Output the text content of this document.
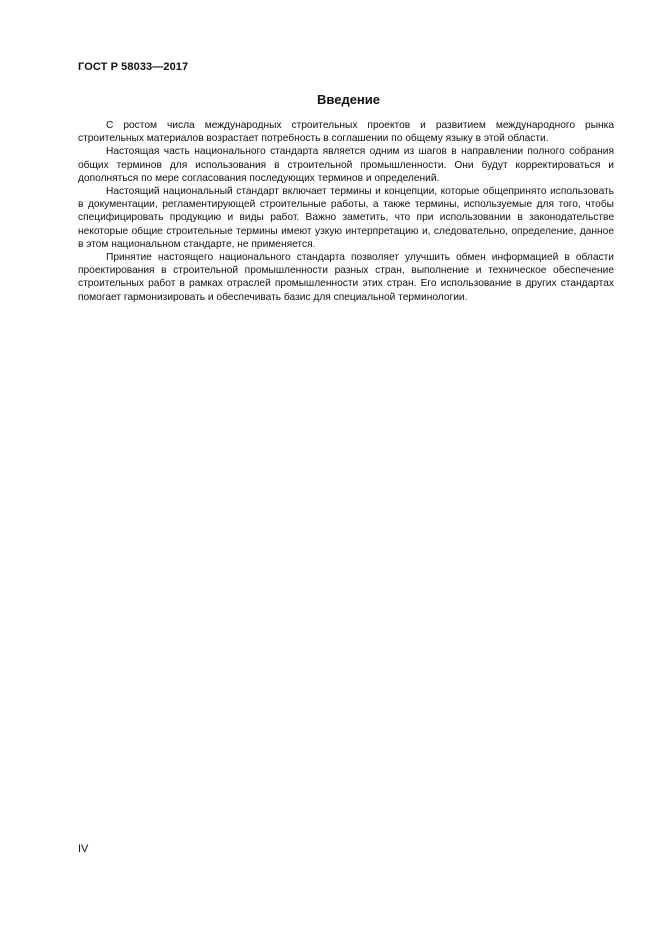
ГОСТ Р 58033—2017
Введение

С ростом числа международных строительных проектов и развитием международного рынка строительных материалов возрастает потребность в соглашении по общему языку в этой области.

Настоящая часть национального стандарта является одним из шагов в направлении полного собрания общих терминов для использования в строительной промышленности. Они будут корректироваться и дополняться по мере согласования последующих терминов и определений.

Настоящий национальный стандарт включает термины и концепции, которые общепринято использовать в документации, регламентирующей строительные работы, а также термины, используемые для того, чтобы специфицировать продукцию и виды работ. Важно заметить, что при использовании в законодательстве некоторые общие строительные термины имеют узкую интерпретацию и, следовательно, определение, данное в этом национальном стандарте, не применяется.

Принятие настоящего национального стандарта позволяет улучшить обмен информацией в области проектирования в строительной промышленности разных стран, выполнение и техническое обеспечение строительных работ в рамках отраслей промышленности этих стран. Его использование в других стандартах помогает гармонизировать и обеспечивать базис для специальной терминологии.

IV
